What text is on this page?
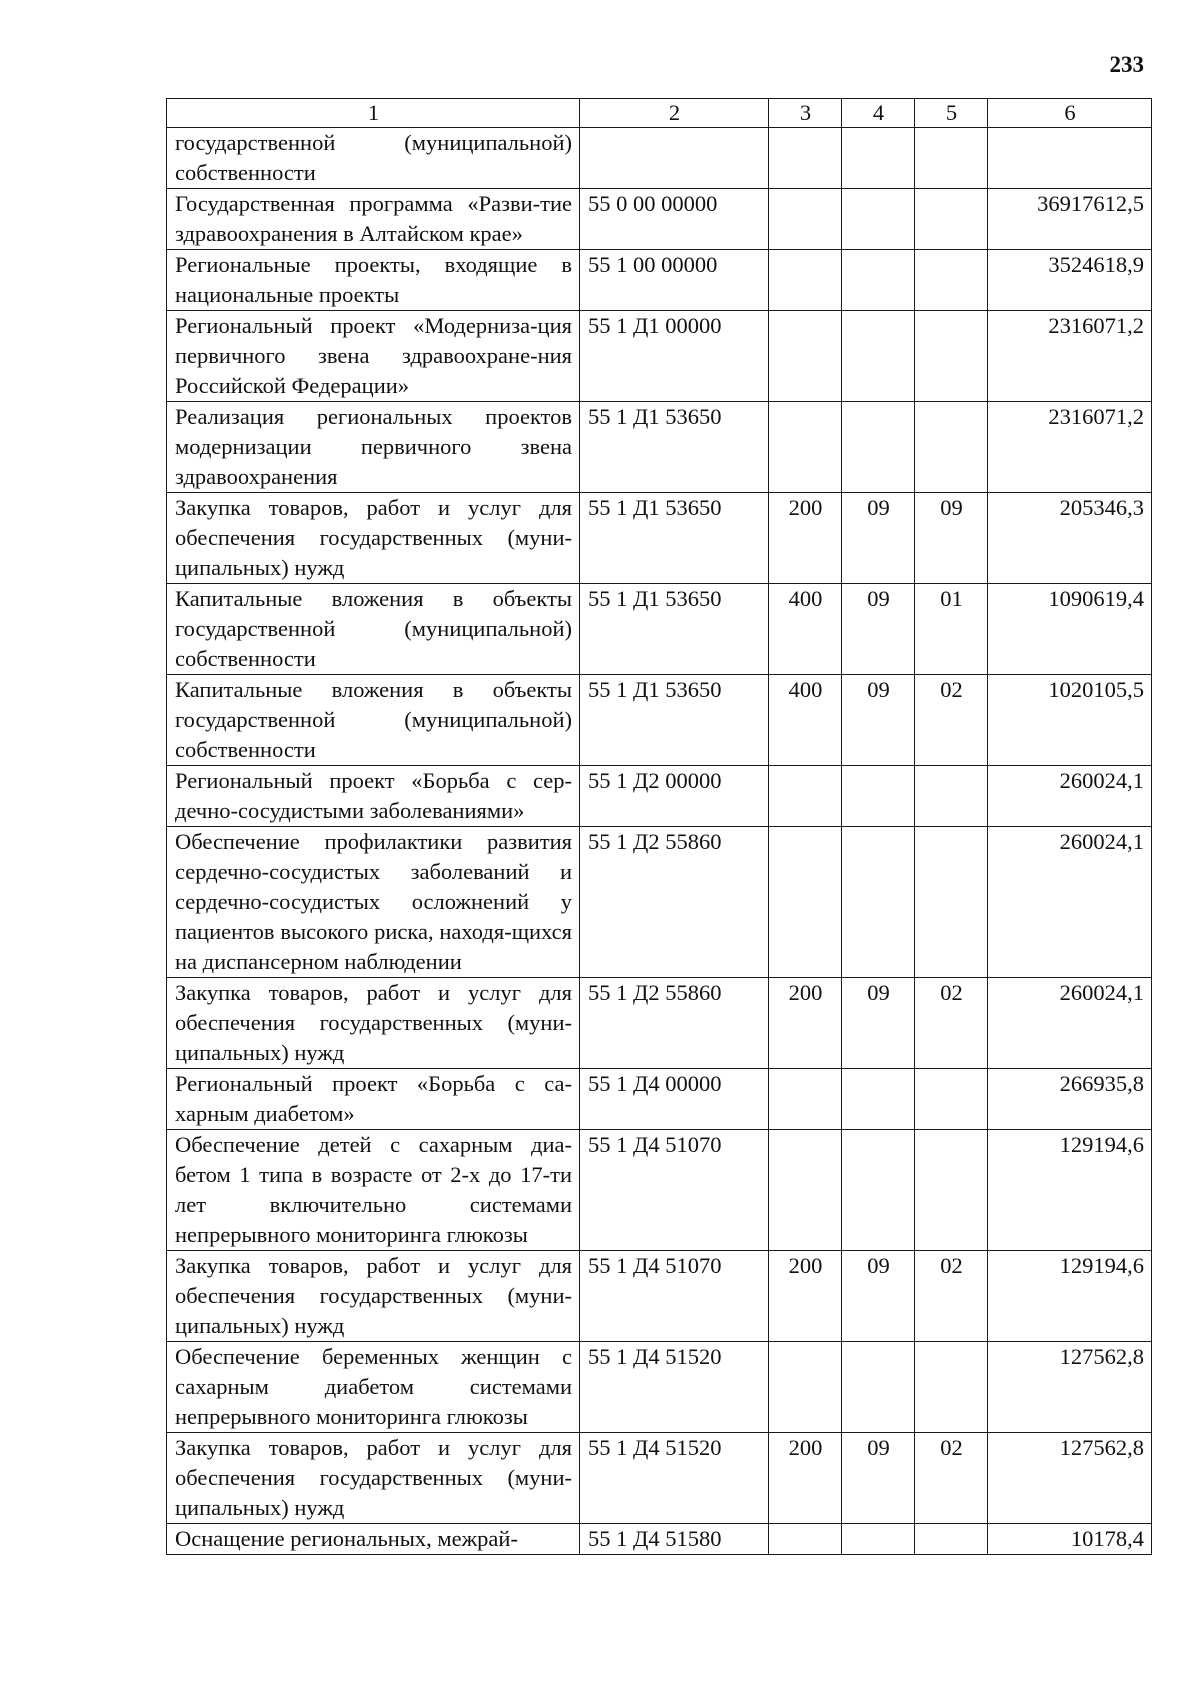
233
1	2	3	4	5	6
государственной (муниципальной) собственности					
Государственная программа «Разви-тие здравоохранения в Алтайском крае»	55 0 00 00000				36917612,5
Региональные проекты, входящие в национальные проекты	55 1 00 00000				3524618,9
Региональный проект «Модерниза-ция первичного звена здравоохране-ния Российской Федерации»	55 1 Д1 00000				2316071,2
Реализация региональных проектов модернизации первичного звена здравоохранения	55 1 Д1 53650				2316071,2
Закупка товаров, работ и услуг для обеспечения государственных (муни-ципальных) нужд	55 1 Д1 53650	200	09	09	205346,3
Капитальные вложения в объекты государственной (муниципальной) собственности	55 1 Д1 53650	400	09	01	1090619,4
Капитальные вложения в объекты государственной (муниципальной) собственности	55 1 Д1 53650	400	09	02	1020105,5
Региональный проект «Борьба с сер-дечно-сосудистыми заболеваниями»	55 1 Д2 00000				260024,1
Обеспечение профилактики развития сердечно-сосудистых заболеваний и сердечно-сосудистых осложнений у пациентов высокого риска, находя-щихся на диспансерном наблюдении	55 1 Д2 55860				260024,1
Закупка товаров, работ и услуг для обеспечения государственных (муни-ципальных) нужд	55 1 Д2 55860	200	09	02	260024,1
Региональный проект «Борьба с са-харным диабетом»	55 1 Д4 00000				266935,8
Обеспечение детей с сахарным диа-бетом 1 типа в возрасте от 2-х до 17-ти лет включительно системами непрерывного мониторинга глюкозы	55 1 Д4 51070				129194,6
Закупка товаров, работ и услуг для обеспечения государственных (муни-ципальных) нужд	55 1 Д4 51070	200	09	02	129194,6
Обеспечение беременных женщин с сахарным диабетом системами непрерывного мониторинга глюкозы	55 1 Д4 51520				127562,8
Закупка товаров, работ и услуг для обеспечения государственных (муни-ципальных) нужд	55 1 Д4 51520	200	09	02	127562,8
Оснащение региональных, межрай-	55 1 Д4 51580				10178,4
